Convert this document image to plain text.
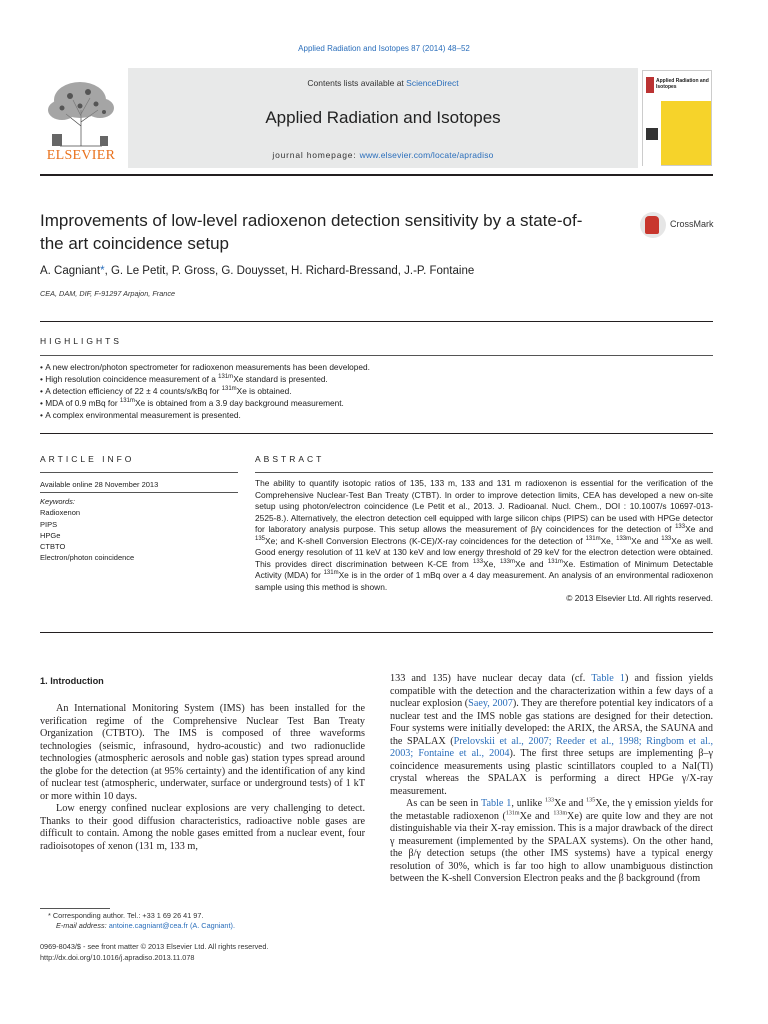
Applied Radiation and Isotopes 87 (2014) 48–52
ELSEVIER
Contents lists available at ScienceDirect
Applied Radiation and Isotopes
journal homepage: www.elsevier.com/locate/apradiso
Applied Radiation and Isotopes
Improvements of low-level radioxenon detection sensitivity by a state-of-the art coincidence setup
CrossMark
A. Cagniant*, G. Le Petit, P. Gross, G. Douysset, H. Richard-Bressand, J.-P. Fontaine
CEA, DAM, DIF, F-91297 Arpajon, France
HIGHLIGHTS
• A new electron/photon spectrometer for radioxenon measurements has been developed.
• High resolution coincidence measurement of a $^{131m}$Xe standard is presented.
• A detection efficiency of 22 ± 4 counts/s/kBq for $^{131m}$Xe is obtained.
• MDA of 0.9 mBq for $^{131m}$Xe is obtained from a 3.9 day background measurement.
• A complex environmental measurement is presented.
ARTICLE INFO
Available online 28 November 2013
Keywords:
Radioxenon
PIPS
HPGe
CTBTO
Electron/photon coincidence
ABSTRACT
The ability to quantify isotopic ratios of 135, 133 m, 133 and 131 m radioxenon is essential for the verification of the Comprehensive Nuclear-Test Ban Treaty (CTBT). In order to improve detection limits, CEA has developed a new on-site setup using photon/electron coincidence (Le Petit et al., 2013. J. Radioanal. Nucl. Chem., DOI : 10.1007/s 10697-013-2525-8.). Alternatively, the electron detection cell equipped with large silicon chips (PIPS) can be used with HPGe detector for laboratory analysis purpose. This setup allows the measurement of β/γ coincidences for the detection of $^{133}$Xe and $^{135}$Xe; and K-shell Conversion Electrons (K-CE)/X-ray coincidences for the detection of $^{131m}$Xe, $^{133m}$Xe and $^{133}$Xe as well. Good energy resolution of 11 keV at 130 keV and low energy threshold of 29 keV for the electron detection were obtained. This provides direct discrimination between K-CE from $^{133}$Xe, $^{133m}$Xe and $^{131m}$Xe. Estimation of Minimum Detectable Activity (MDA) for $^{131m}$Xe is in the order of 1 mBq over a 4 day measurement. An analysis of an environmental radioxenon sample using this method is shown.
© 2013 Elsevier Ltd. All rights reserved.
1. Introduction

An International Monitoring System (IMS) has been installed for the verification regime of the Comprehensive Nuclear Test Ban Treaty Organization (CTBTO). The IMS is composed of three waveforms technologies (seismic, infrasound, hydro-acoustic) and two radionuclide technologies (atmospheric aerosols and noble gas) station types spread around the globe for the detection (at 95% certainty) and the identification of any kind of nuclear test (atmospheric, underwater, surface or underground tests) of 1 kT or more within 10 days.

Low energy confined nuclear explosions are very challenging to detect. Thanks to their good diffusion characteristics, radioactive noble gases are difficult to contain. Among the noble gases emitted from a nuclear event, four radioisotopes of xenon (131 m, 133 m,

133 and 135) have nuclear decay data (cf. Table 1) and fission yields compatible with the detection and the characterization within a few days of a nuclear explosion (Saey, 2007). They are therefore potential key indicators of a nuclear test and the IMS noble gas stations are designed for their detection. Four systems were initially developed: the ARIX, the ARSA, the SAUNA and the SPALAX (Prelovskii et al., 2007; Reeder et al., 1998; Ringbom et al., 2003; Fontaine et al., 2004). The first three setups are implementing β–γ coincidence measurements using plastic scintillators coupled to a NaI(Tl) crystal whereas the SPALAX is performing a direct HPGe γ/X-ray measurement.

As can be seen in Table 1, unlike $^{133}$Xe and $^{135}$Xe, the γ emission yields for the metastable radioxenon ($^{131m}$Xe and $^{133m}$Xe) are quite low and they are not distinguishable via their X-ray emission. This is a major drawback of the direct γ measurement (implemented by the SPALAX systems). On the other hand, the β/γ detection setups (the other IMS systems) have a typical energy resolution of 30%, which is far too high to allow unambiguous distinction between the K-shell Conversion Electron peaks and the β background (from

* Corresponding author. Tel.: +33 1 69 26 41 97.
E-mail address: antoine.cagniant@cea.fr (A. Cagniant).
0969-8043/$ - see front matter © 2013 Elsevier Ltd. All rights reserved.
http://dx.doi.org/10.1016/j.apradiso.2013.11.078
